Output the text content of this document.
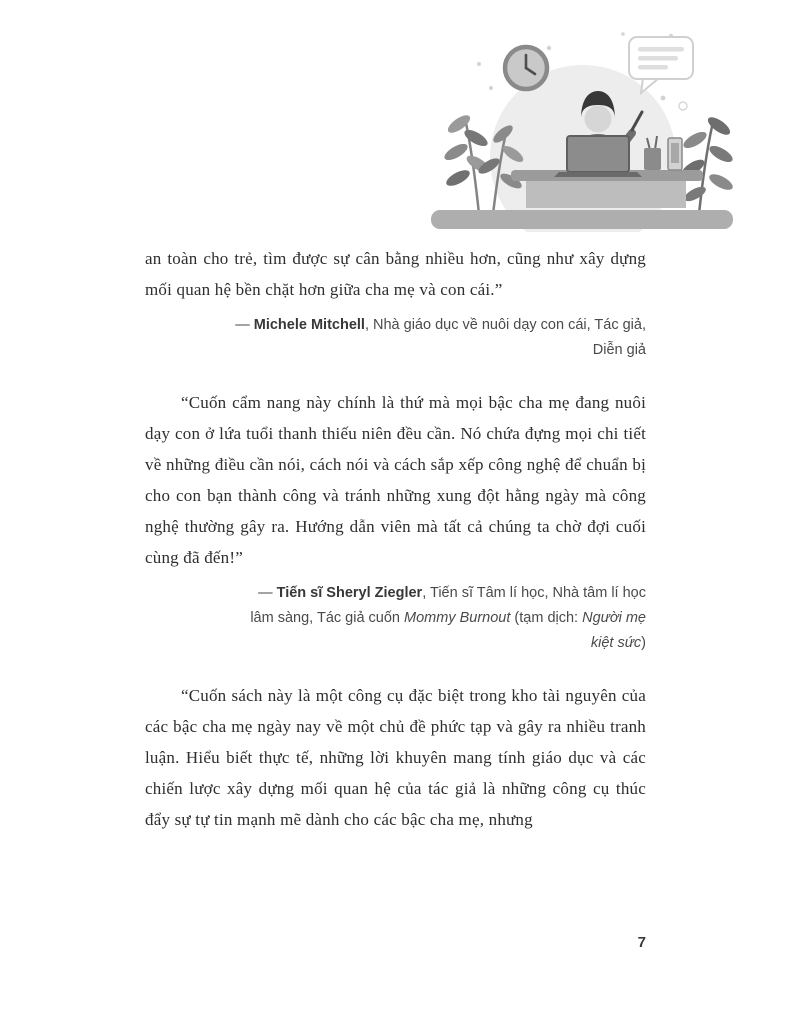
an toàn cho trẻ, tìm được sự cân bằng nhiều hơn, cũng như xây dựng mối quan hệ bền chặt hơn giữa cha mẹ và con cái.”

— Michele Mitchell, Nhà giáo dục về nuôi dạy con cái, Tác giả, Diễn giả

“Cuốn cẩm nang này chính là thứ mà mọi bậc cha mẹ đang nuôi dạy con ở lứa tuổi thanh thiếu niên đều cần. Nó chứa đựng mọi chi tiết về những điều cần nói, cách nói và cách sắp xếp công nghệ để chuẩn bị cho con bạn thành công và tránh những xung đột hằng ngày mà công nghệ thường gây ra. Hướng dẫn viên mà tất cả chúng ta chờ đợi cuối cùng đã đến!”

— Tiến sĩ Sheryl Ziegler, Tiến sĩ Tâm lí học, Nhà tâm lí học lâm sàng, Tác giả cuốn Mommy Burnout (tạm dịch: Người mẹ kiệt sức)

“Cuốn sách này là một công cụ đặc biệt trong kho tài nguyên của các bậc cha mẹ ngày nay về một chủ đề phức tạp và gây ra nhiều tranh luận. Hiểu biết thực tế, những lời khuyên mang tính giáo dục và các chiến lược xây dựng mối quan hệ của tác giả là những công cụ thúc đẩy sự tự tin mạnh mẽ dành cho các bậc cha mẹ, nhưng

7
